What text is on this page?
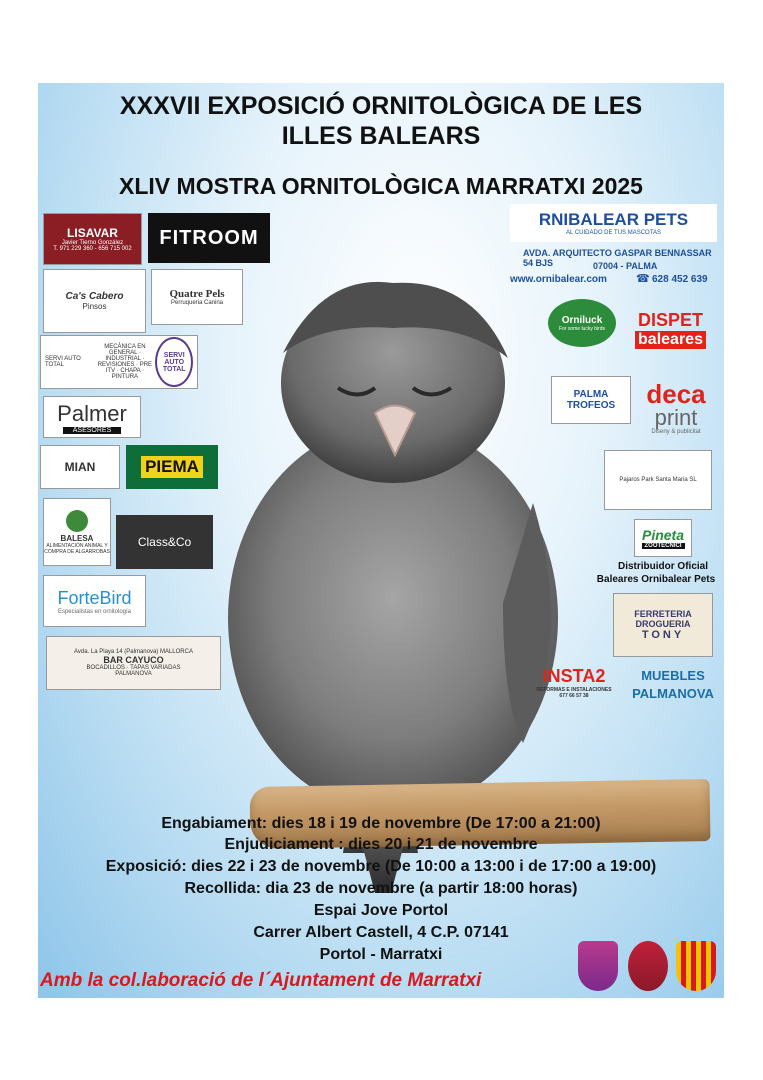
XXXVII EXPOSICIÓ ORNITOLÒGICA DE LES
ILLES BALEARS
XLIV MOSTRA ORNITOLÒGICA MARRATXI 2025
LISAVAR
Javier Tierno González
T. 971 229 360 - 656 715 002
FITROOM
Ca's Cabero
Pinsos
Quatre Pels
Perruqueria Canina
SERVI AUTO TOTAL
MECÀNICA EN GENERAL · INDUSTRIAL · REVISIONES · PRE ITV · CHAPA · PINTURA
SERVI AUTO TOTAL
Palmer
ASESORES
MIAN	PIEMA
BALESA
ALIMENTACIÓN ANIMAL Y COMPRA DE ALGARROBAS
Class&Co
ForteBird
Especialistas en ornitología
Avda. La Playa 14 (Palmanova) MALLORCA
BAR CAYUCO
BOCADILLOS · TAPAS VARIADAS
PALMANOVA
RNIBALEAR PETS
AL CUIDADO DE TUS MASCOTAS
AVDA. ARQUITECTO GASPAR BENNASSAR 54 BJS	07004 - PALMA
www.ornibalear.com	☎ 628 452 639
Orniluck
For some lucky birds DISPET
baleares
PALMA TROFEOS	deca
print
Diseny & publicitat
Pajaros Park Santa Maria SL
Pineta
ZOOTECNICI
Distribuidor Oficial
Baleares Ornibalear Pets
FERRETERIA
DROGUERIA
TONY
INSTA2
REFORMAS E INSTALACIONES
677 66 57 38
MUEBLES
PALMANOVA
Engabiament: dies 18 i 19 de novembre (De 17:00 a 21:00)
Enjudiciament : dies 20 i 21 de novembre
Exposició: dies 22 i 23 de novembre (De 10:00 a 13:00 i de 17:00 a 19:00)
Recollida: dia 23 de novembre (a partir 18:00 horas)
Espai Jove Portol
Carrer Albert Castell, 4 C.P. 07141
Portol - Marratxi
Amb la col.laboració de l´Ajuntament de Marratxi
